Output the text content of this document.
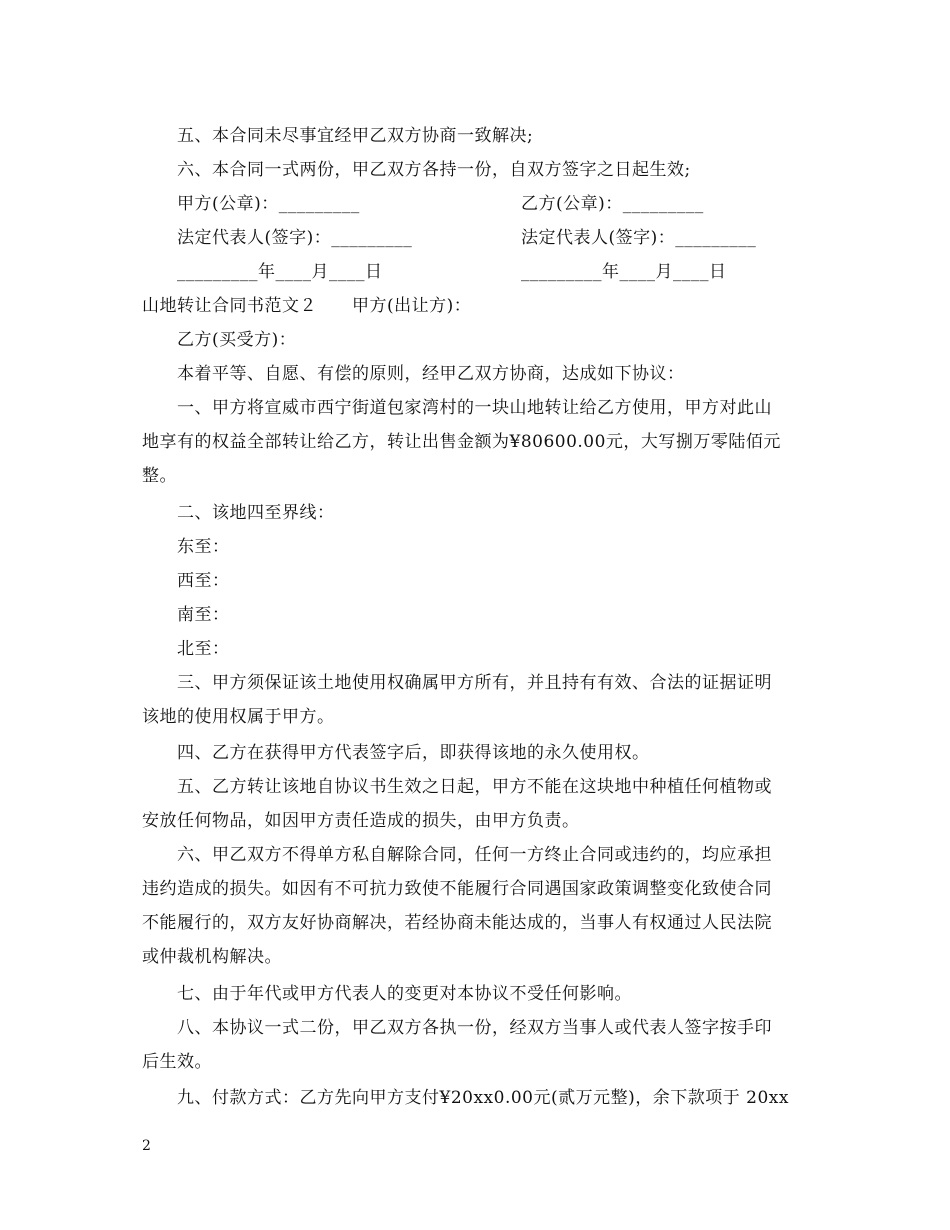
五、本合同未尽事宜经甲乙双方协商一致解决;
六、本合同一式两份，甲乙双方各持一份，自双方签字之日起生效;
甲方(公章)：_________	乙方(公章)：_________
法定代表人(签字)：_________	法定代表人(签字)：_________
_________年____月____日	_________年____月____日
山地转让合同书范文２　　甲方(出让方)：
乙方(买受方)：
本着平等、自愿、有偿的原则，经甲乙双方协商，达成如下协议：
一、甲方将宣威市西宁街道包家湾村的一块山地转让给乙方使用，甲方对此山
地享有的权益全部转让给乙方，转让出售金额为¥80600.00元，大写捌万零陆佰元
整。
二、该地四至界线：
东至：
西至：
南至：
北至：
三、甲方须保证该土地使用权确属甲方所有，并且持有有效、合法的证据证明
该地的使用权属于甲方。
四、乙方在获得甲方代表签字后，即获得该地的永久使用权。
五、乙方转让该地自协议书生效之日起，甲方不能在这块地中种植任何植物或
安放任何物品，如因甲方责任造成的损失，由甲方负责。
六、甲乙双方不得单方私自解除合同，任何一方终止合同或违约的，均应承担
违约造成的损失。如因有不可抗力致使不能履行合同遇国家政策调整变化致使合同
不能履行的，双方友好协商解决，若经协商未能达成的，当事人有权通过人民法院
或仲裁机构解决。
七、由于年代或甲方代表人的变更对本协议不受任何影响。
八、本协议一式二份，甲乙双方各执一份，经双方当事人或代表人签字按手印
后生效。
九、付款方式：乙方先向甲方支付¥20xx0.00元(贰万元整)，余下款项于 20xx
2
